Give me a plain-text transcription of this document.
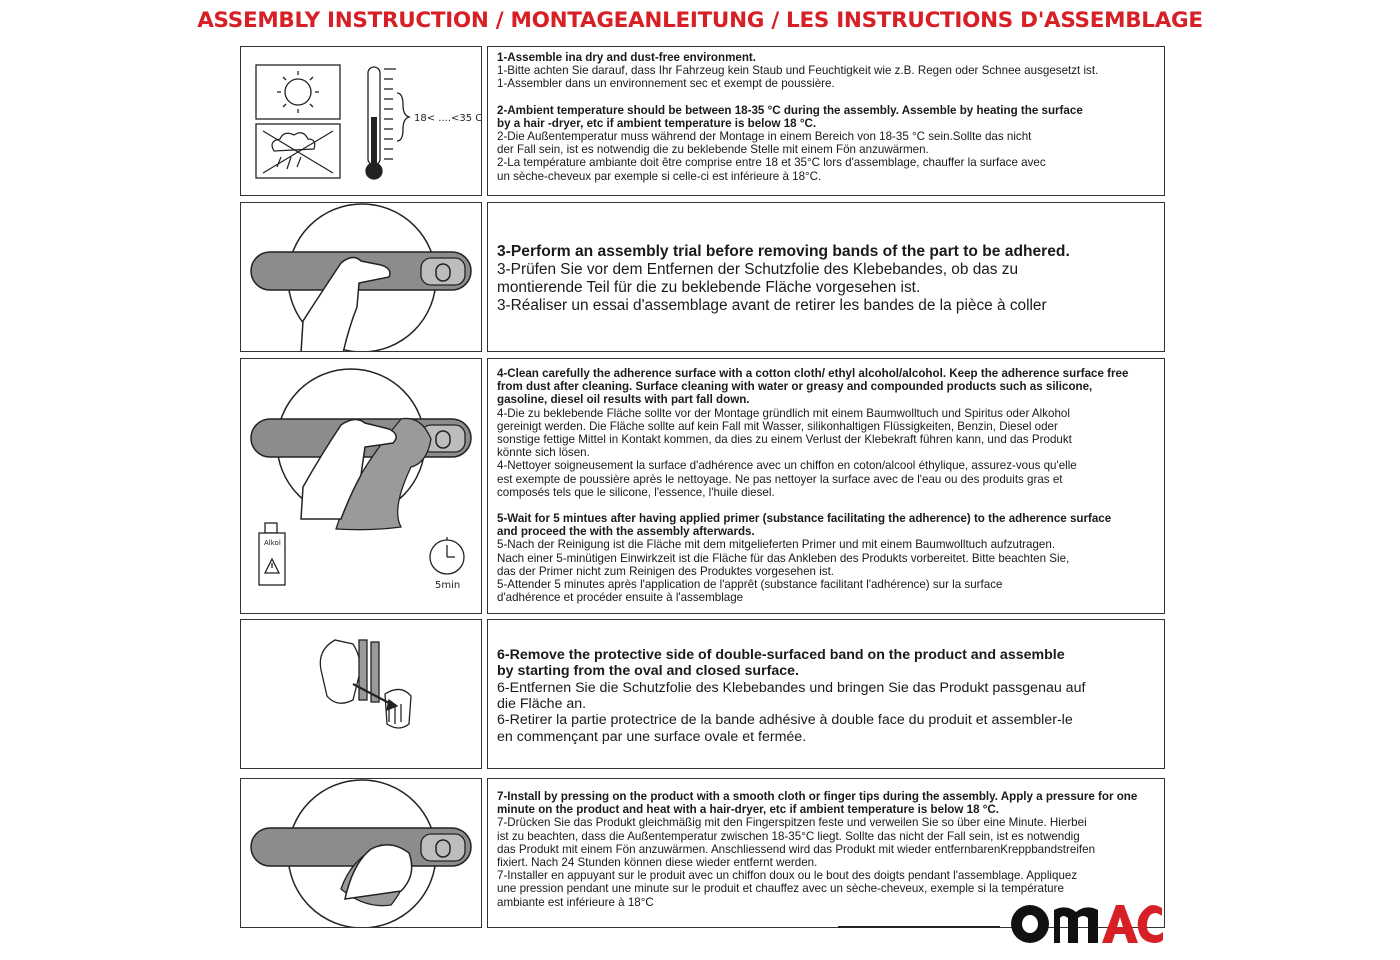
ASSEMBLY INSTRUCTION / MONTAGEANLEITUNG / LES INSTRUCTIONS D'ASSEMBLAGE
18< ....<35 C

1-Assemble ina dry and dust-free environment.

1-Bitte achten Sie darauf, dass Ihr Fahrzeug kein Staub und Feuchtigkeit wie z.B. Regen oder Schnee ausgesetzt ist.

1-Assembler dans un environnement sec et exempt de poussière.

2-Ambient temperature should be between 18-35 °C during the assembly. Assemble by heating the surface

by a hair -dryer, etc if ambient temperature is below 18 °C.

2-Die Außentemperatur muss während der Montage in einem Bereich von 18-35 °C sein.Sollte das nicht

der Fall sein, ist es notwendig die zu beklebende Stelle mit einem Fön anzuwärmen.

2-La température ambiante doit être comprise entre 18 et 35°C lors d'assemblage, chauffer la surface avec

un sèche-cheveux par exemple si celle-ci est inférieure à 18°C.

3-Perform an assembly trial before removing bands of the part to be adhered.

3-Prüfen Sie vor dem Entfernen der Schutzfolie des Klebebandes, ob das zu

montierende Teil für die zu beklebende Fläche vorgesehen ist.

3-Réaliser un essai d'assemblage avant de retirer les bandes de la pièce à coller

Alkol
5min

4-Clean carefully the adherence surface with a cotton cloth/ ethyl alcohol/alcohol. Keep the adherence surface free

from dust after cleaning. Surface cleaning with water or greasy and compounded products such as silicone,

gasoline, diesel oil results with part fall down.

4-Die zu beklebende Fläche sollte vor der Montage gründlich mit einem Baumwolltuch und Spiritus oder Alkohol

gereinigt werden. Die Fläche sollte auf kein Fall mit Wasser, silikonhaltigen Flüssigkeiten, Benzin, Diesel oder

sonstige fettige Mittel in Kontakt kommen, da dies zu einem Verlust der Klebekraft führen kann, und das Produkt

könnte sich lösen.

4-Nettoyer soigneusement la surface d'adhérence avec un chiffon en coton/alcool éthylique, assurez-vous qu'elle

est exempte de poussière après le nettoyage. Ne pas nettoyer la surface avec de l'eau ou des produits gras et

composés tels que le silicone, l'essence, l'huile diesel.

5-Wait for 5 mintues after having applied primer (substance facilitating the adherence) to the adherence surface

and proceed the with the assembly afterwards.

5-Nach der Reinigung ist die Fläche mit dem mitgelieferten Primer und mit einem Baumwolltuch aufzutragen.

Nach einer 5-minütigen Einwirkzeit ist die Fläche für das Ankleben des Produkts vorbereitet. Bitte beachten Sie,

das der Primer nicht zum Reinigen des Produktes vorgesehen ist.

5-Attender 5 minutes après l'application de l'apprêt (substance facilitant l'adhérence) sur la surface

d'adhérence et procéder ensuite à l'assemblage

6-Remove the protective side of double-surfaced band on the product and assemble

by starting from the oval and closed surface.

6-Entfernen Sie die Schutzfolie des Klebebandes und bringen Sie das Produkt passgenau auf

die Fläche an.

6-Retirer la partie protectrice de la bande adhésive à double face du produit et assembler-le

en commençant par une surface ovale et fermée.

7-Install by pressing on the product with a smooth cloth or finger tips during the assembly. Apply a pressure for one

minute on the product and heat with a hair-dryer, etc if ambient temperature is below 18 °C.

7-Drücken Sie das Produkt gleichmäßig mit den Fingerspitzen feste und verweilen Sie so über eine Minute. Hierbei

ist zu beachten, dass die Außentemperatur zwischen 18-35°C liegt. Sollte das nicht der Fall sein, ist es notwendig

das Produkt mit einem Fön anzuwärmen. Anschliessend wird das Produkt mit wieder entfernbarenKreppbandstreifen

fixiert. Nach 24 Stunden können diese wieder entfernt werden.

7-Installer en appuyant sur le produit avec un chiffon doux ou le bout des doigts pendant l'assemblage. Appliquez

une pression pendant une minute sur le produit et chauffez avec un sèche-cheveux, exemple si la température

ambiante est inférieure à 18°C
